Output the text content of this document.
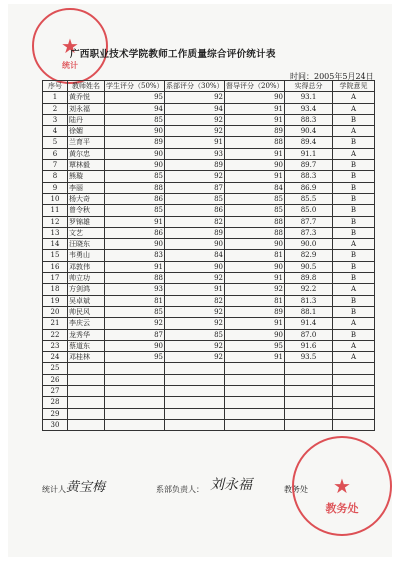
★
统计
广西职业技术学院教师工作质量综合评价统计表
时间：2005年5月24日
序号	教师姓名	学生评分（50%）	系部评分（30%）	督导评分（20%）	实得总分	学院意见
1	黄乔悦	95	92	90	93.1	A
2	刘永福	94	94	91	93.4	A
3	陆丹	85	92	91	88.3	B
4	徐媚	90	92	89	90.4	A
5	兰育平	89	91	88	89.4	B
6	黄尔忠	90	93	91	91.1	A
7	覃林毅	90	89	90	89.7	B
8	熊璇	85	92	91	88.3	B
9	李丽	88	87	84	86.9	B
10	杨大奇	86	85	85	85.5	B
11	曾令秋	85	86	85	85.0	B
12	罗锦雄	91	82	88	87.7	B
13	文艺	86	89	88	87.3	B
14	汪晓东	90	90	90	90.0	A
15	韦勇山	83	84	81	82.9	B
16	邓敦伟	91	90	90	90.5	B
17	帅立功	88	92	91	89.8	B
18	方剑鸿	93	91	92	92.2	A
19	吴卓斌	81	82	81	81.3	B
20	帅民风	85	92	89	88.1	B
21	李庆云	92	92	91	91.4	A
22	龙秀华	87	85	90	87.0	B
23	蔡道东	90	92	95	91.6	A
24	邓桂林	95	92	91	93.5	A
25						
26						
27						
28						
29						
30						
统计人：
黄宝梅	系部负责人： 刘永福	教务处 ★
教务处
